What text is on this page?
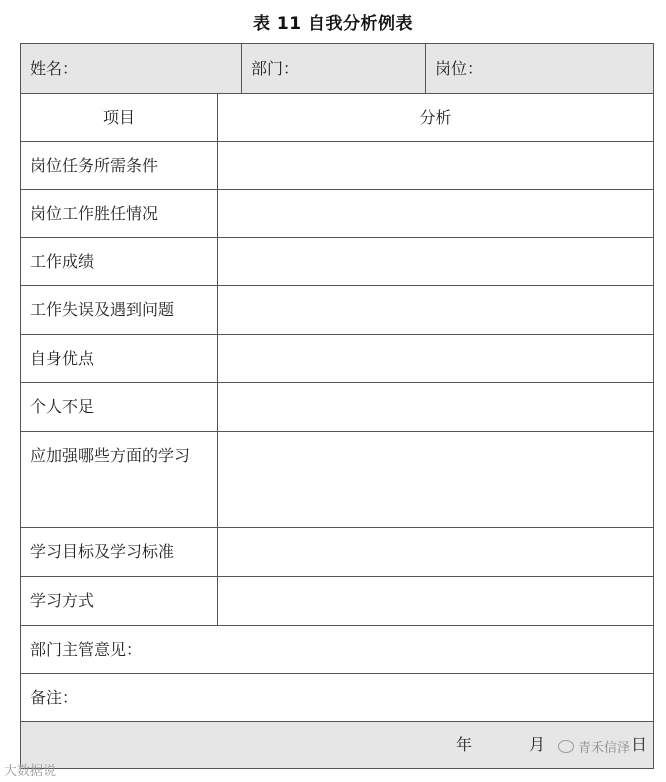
表 11 自我分析例表
姓名：	部门：	岗位：
项目	分析
岗位任务所需条件
岗位工作胜任情况
工作成绩
工作失误及遇到问题
自身优点
个人不足
应加强哪些方面的学习
学习目标及学习标准
学习方式
部门主管意见：
备注：
年	月	日
大数据说
青禾信泽
